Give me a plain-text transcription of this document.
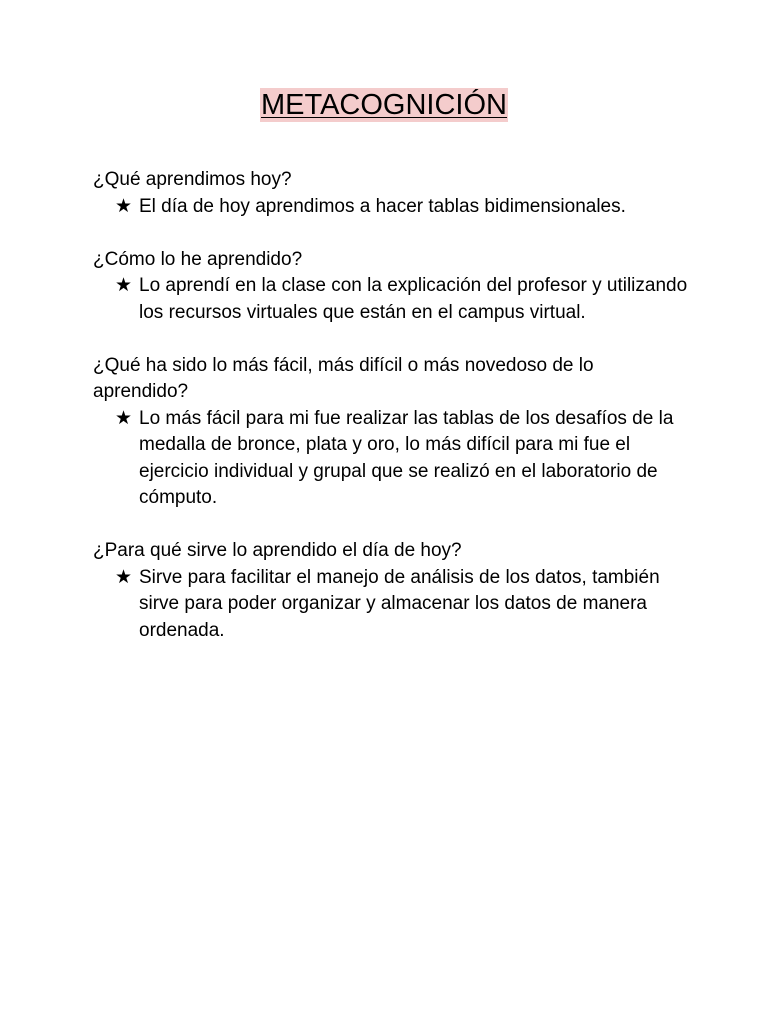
METACOGNICIÓN
¿Qué aprendimos hoy?
★ El día de hoy aprendimos a hacer tablas bidimensionales.
¿Cómo lo he aprendido?
★ Lo aprendí en la clase con la explicación del profesor y utilizando los recursos virtuales que están en el campus virtual.
¿Qué ha sido lo más fácil, más difícil o más novedoso de lo aprendido?
★ Lo más fácil para mi fue realizar las tablas de los desafíos de la medalla de bronce, plata y oro, lo más difícil para mi fue el ejercicio individual y grupal que se realizó en el laboratorio de cómputo.
¿Para qué sirve lo aprendido el día de hoy?
★ Sirve para facilitar el manejo de análisis de los datos, también sirve para poder organizar y almacenar los datos de manera ordenada.
